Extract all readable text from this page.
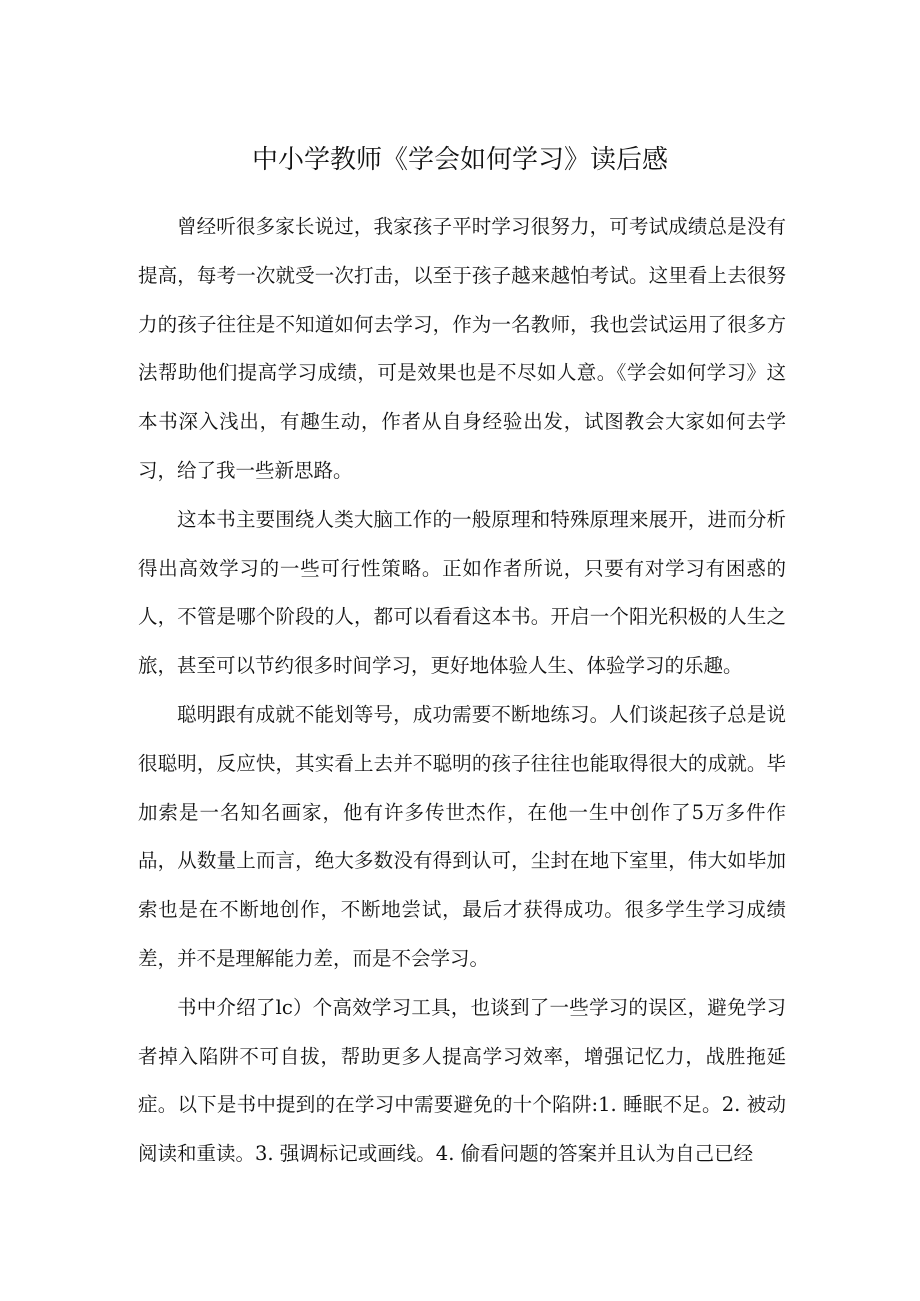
中小学教师《学会如何学习》读后感

曾经听很多家长说过，我家孩子平时学习很努力，可考试成绩总是没有提高，每考一次就受一次打击，以至于孩子越来越怕考试。这里看上去很努力的孩子往往是不知道如何去学习，作为一名教师，我也尝试运用了很多方法帮助他们提高学习成绩，可是效果也是不尽如人意。《学会如何学习》这本书深入浅出，有趣生动，作者从自身经验出发，试图教会大家如何去学习，给了我一些新思路。

这本书主要围绕人类大脑工作的一般原理和特殊原理来展开，进而分析得出高效学习的一些可行性策略。正如作者所说，只要有对学习有困惑的人，不管是哪个阶段的人，都可以看看这本书。开启一个阳光积极的人生之旅，甚至可以节约很多时间学习，更好地体验人生、体验学习的乐趣。

聪明跟有成就不能划等号，成功需要不断地练习。人们谈起孩子总是说很聪明，反应快，其实看上去并不聪明的孩子往往也能取得很大的成就。毕加索是一名知名画家，他有许多传世杰作，在他一生中创作了5万多件作品，从数量上而言，绝大多数没有得到认可，尘封在地下室里，伟大如毕加索也是在不断地创作，不断地尝试，最后才获得成功。很多学生学习成绩差，并不是理解能力差，而是不会学习。

书中介绍了lc）个高效学习工具，也谈到了一些学习的误区，避免学习者掉入陷阱不可自拔，帮助更多人提高学习效率，增强记忆力，战胜拖延症。以下是书中提到的在学习中需要避免的十个陷阱:1. 睡眠不足。2. 被动阅读和重读。3. 强调标记或画线。4. 偷看问题的答案并且认为自己已经
